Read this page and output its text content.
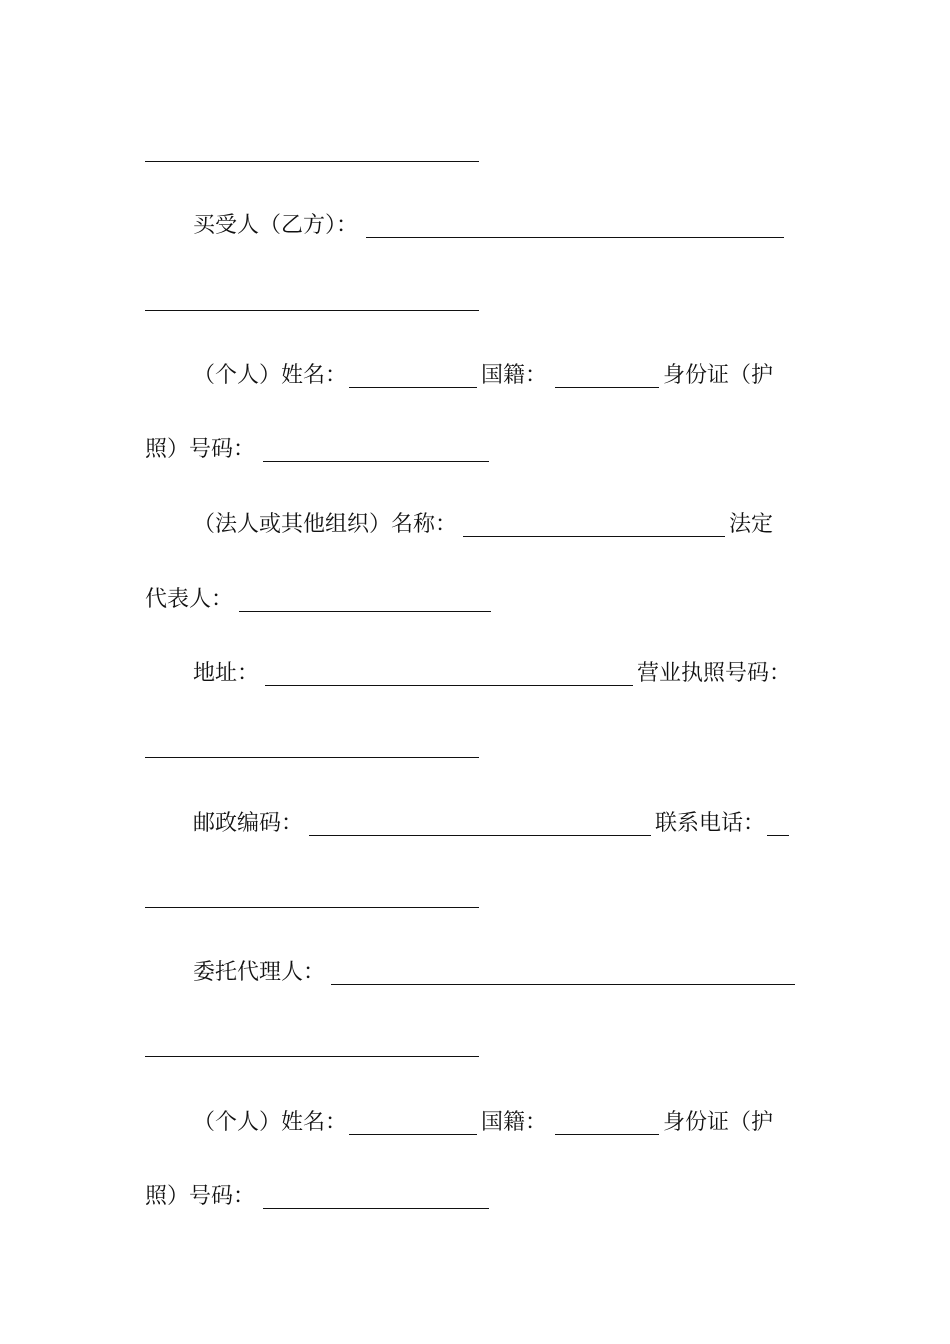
买受人（乙方）：
（个人）姓名：	国籍：	身份证（护
照）号码：
（法人或其他组织）名称：	法定
代表人：
地址：	营业执照号码：
邮政编码：	联系电话：
委托代理人：
（个人）姓名：	国籍：	身份证（护
照）号码：
